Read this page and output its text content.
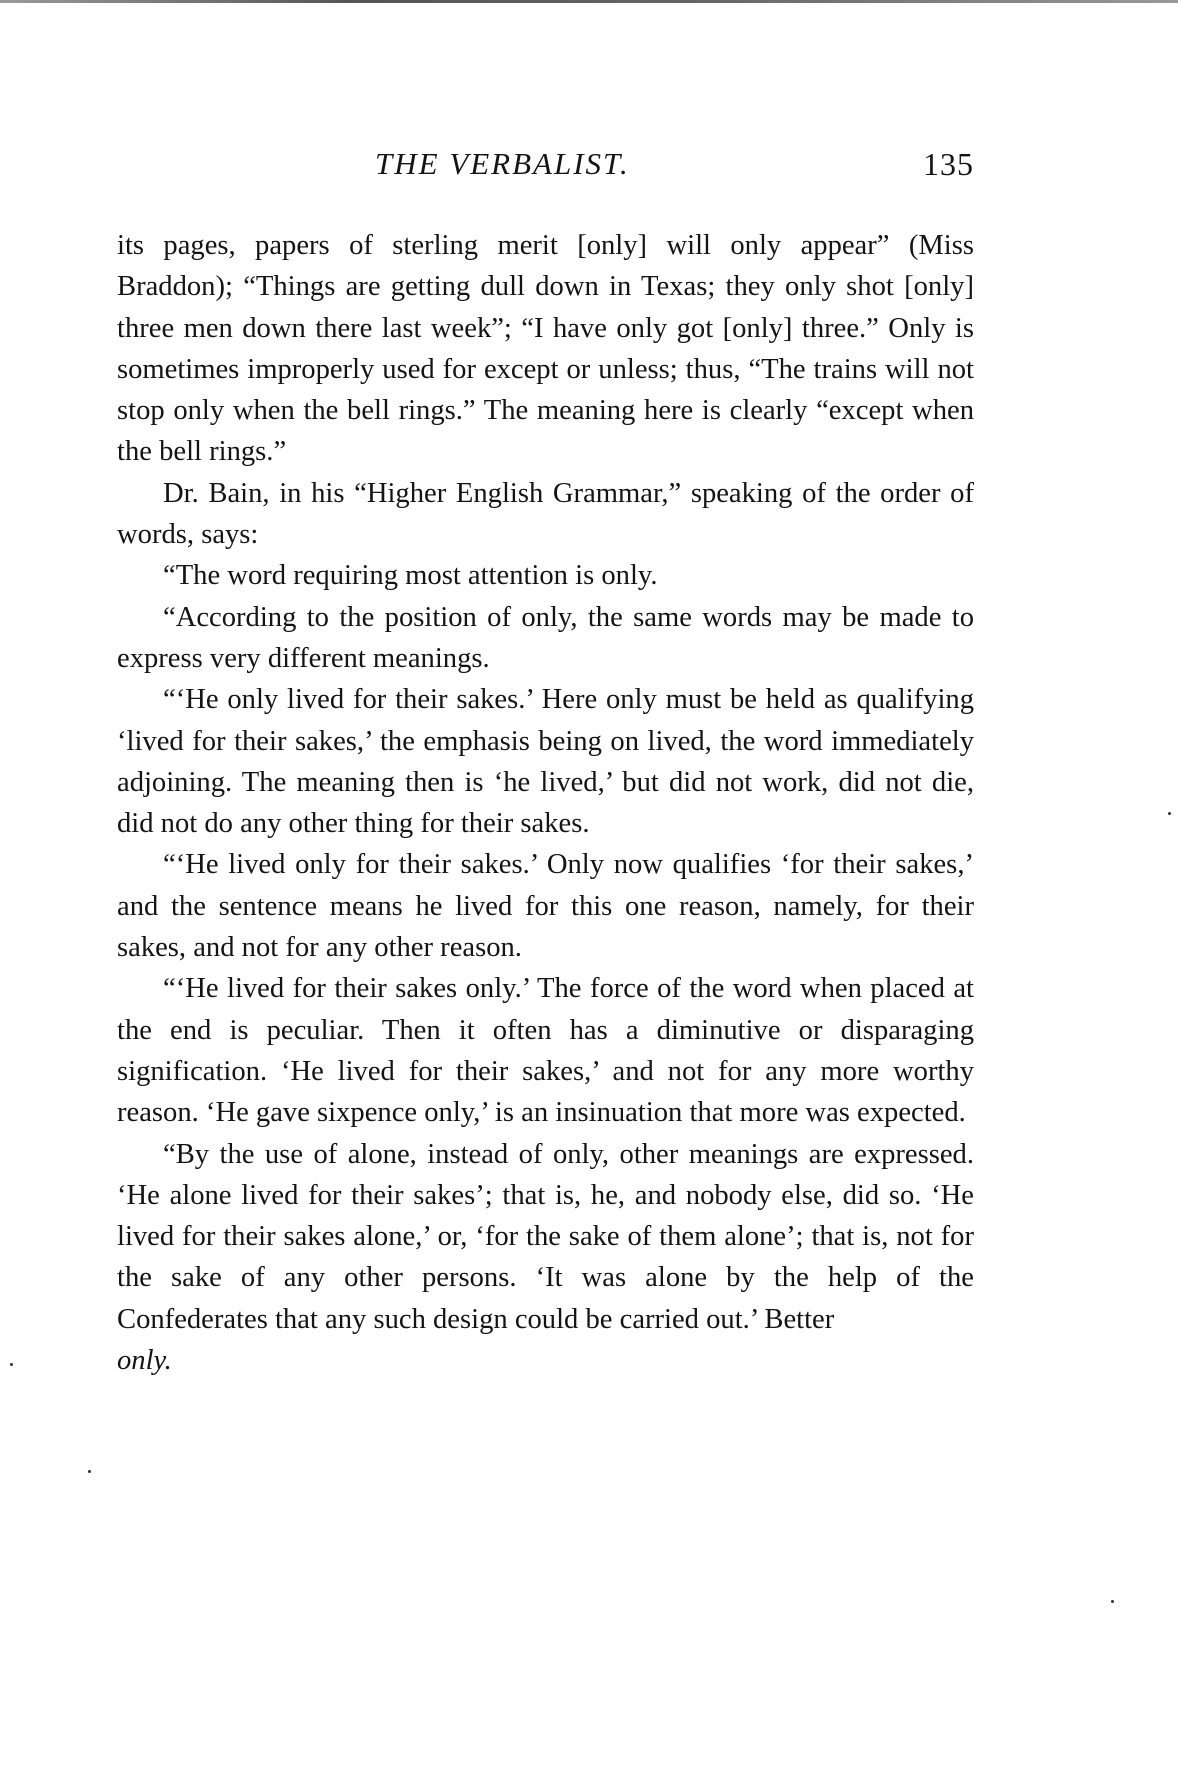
THE VERBALIST.	135

its pages, papers of sterling merit [only] will only appear” (Miss Braddon); “Things are getting dull down in Texas; they only shot [only] three men down there last week”; “I have only got [only] three.” Only is sometimes improperly used for except or unless; thus, “The trains will not stop only when the bell rings.” The meaning here is clearly “except when the bell rings.”

Dr. Bain, in his “Higher English Grammar,” speaking of the order of words, says:

“The word requiring most attention is only.

“According to the position of only, the same words may be made to express very different meanings.

“‘He only lived for their sakes.’ Here only must be held as qualifying ‘lived for their sakes,’ the emphasis being on lived, the word immediately adjoining. The meaning then is ‘he lived,’ but did not work, did not die, did not do any other thing for their sakes.

“‘He lived only for their sakes.’ Only now qualifies ‘for their sakes,’ and the sentence means he lived for this one reason, namely, for their sakes, and not for any other reason.

“‘He lived for their sakes only.’ The force of the word when placed at the end is peculiar. Then it often has a diminutive or disparaging signification. ‘He lived for their sakes,’ and not for any more worthy reason. ‘He gave sixpence only,’ is an insinuation that more was expected.

“By the use of alone, instead of only, other meanings are expressed. ‘He alone lived for their sakes’; that is, he, and nobody else, did so. ‘He lived for their sakes alone,’ or, ‘for the sake of them alone’; that is, not for the sake of any other persons. ‘It was alone by the help of the Confederates that any such design could be carried out.’ Better

only.
